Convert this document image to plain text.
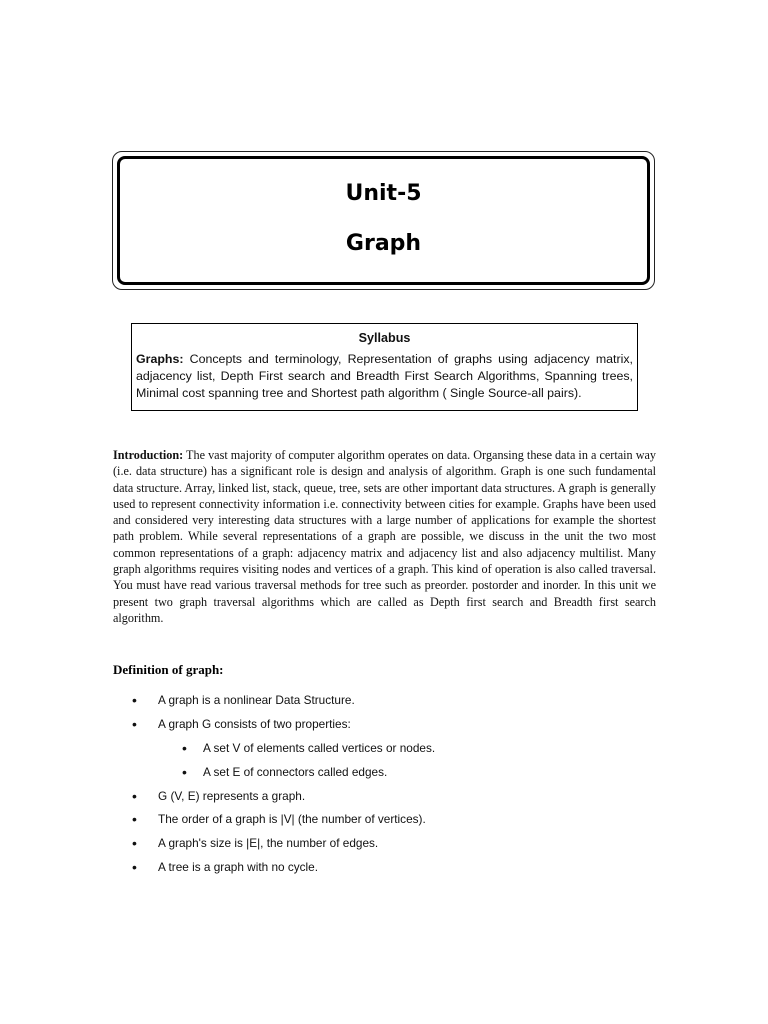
Unit-5
Graph
Syllabus
Graphs: Concepts and terminology, Representation of graphs using adjacency matrix, adjacency list, Depth First search and Breadth First Search Algorithms, Spanning trees, Minimal cost spanning tree and Shortest path algorithm ( Single Source-all pairs).
Introduction: The vast majority of computer algorithm operates on data. Organsing these data in a certain way (i.e. data structure) has a significant role is design and analysis of algorithm. Graph is one such fundamental data structure. Array, linked list, stack, queue, tree, sets are other important data structures. A graph is generally used to represent connectivity information i.e. connectivity between cities for example. Graphs have been used and considered very interesting data structures with a large number of applications for example the shortest path problem. While several representations of a graph are possible, we discuss in the unit the two most common representations of a graph: adjacency matrix and adjacency list and also adjacency multilist. Many graph algorithms requires visiting nodes and vertices of a graph. This kind of operation is also called traversal. You must have read various traversal methods for tree such as preorder. postorder and inorder. In this unit we present two graph traversal algorithms which are called as Depth first search and Breadth first search algorithm.
Definition of graph:
• A graph is a nonlinear Data Structure.
• A graph G consists of two properties:
• A set V of elements called vertices or nodes.
• A set E of connectors called edges.
• G (V, E) represents a graph.
• The order of a graph is |V| (the number of vertices).
• A graph's size is |E|, the number of edges.
• A tree is a graph with no cycle.
